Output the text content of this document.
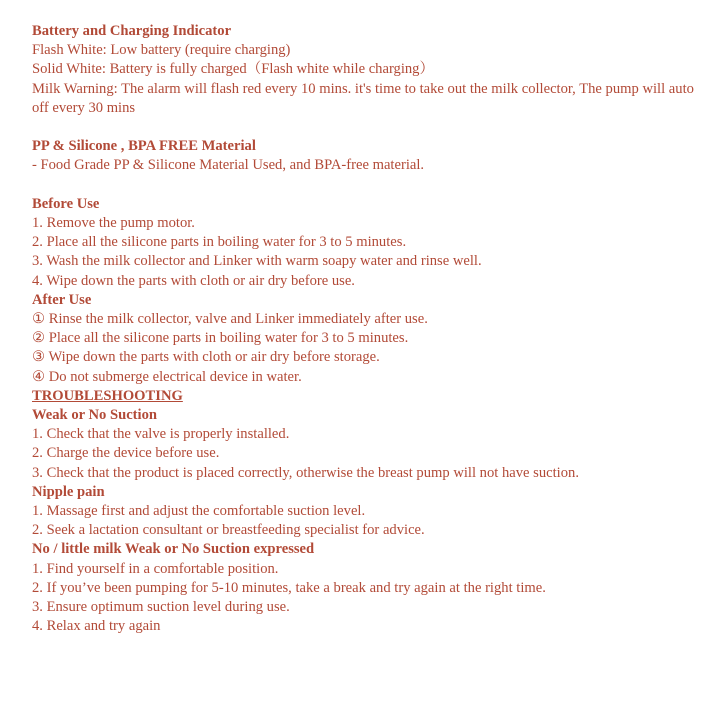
Battery and Charging Indicator
Flash White: Low battery (require charging)
Solid White: Battery is fully charged（Flash white while charging）
Milk Warning: The alarm will flash red every 10 mins. it's time to take out the milk collector, The pump will auto off every 30 mins
PP & Silicone , BPA FREE Material
- Food Grade PP & Silicone Material Used, and BPA-free material.
Before Use
1. Remove the pump motor.
2. Place all the silicone parts in boiling water for 3 to 5 minutes.
3. Wash the milk collector and Linker with warm soapy water and rinse well.
4. Wipe down the parts with cloth or air dry before use.
After Use
① Rinse the milk collector, valve and Linker immediately after use.
② Place all the silicone parts in boiling water for 3 to 5 minutes.
③ Wipe down the parts with cloth or air dry before storage.
④ Do not submerge electrical device in water.
TROUBLESHOOTING
Weak or No Suction
1. Check that the valve is properly installed.
2. Charge the device before use.
3. Check that the product is placed correctly, otherwise the breast pump will not have suction.
Nipple pain
1. Massage first and adjust the comfortable suction level.
2. Seek a lactation consultant or breastfeeding specialist for advice.
No / little milk Weak or No Suction expressed
1. Find yourself in a comfortable position.
2. If you’ve been pumping for 5-10 minutes, take a break and try again at the right time.
3. Ensure optimum suction level during use.
4. Relax and try again
